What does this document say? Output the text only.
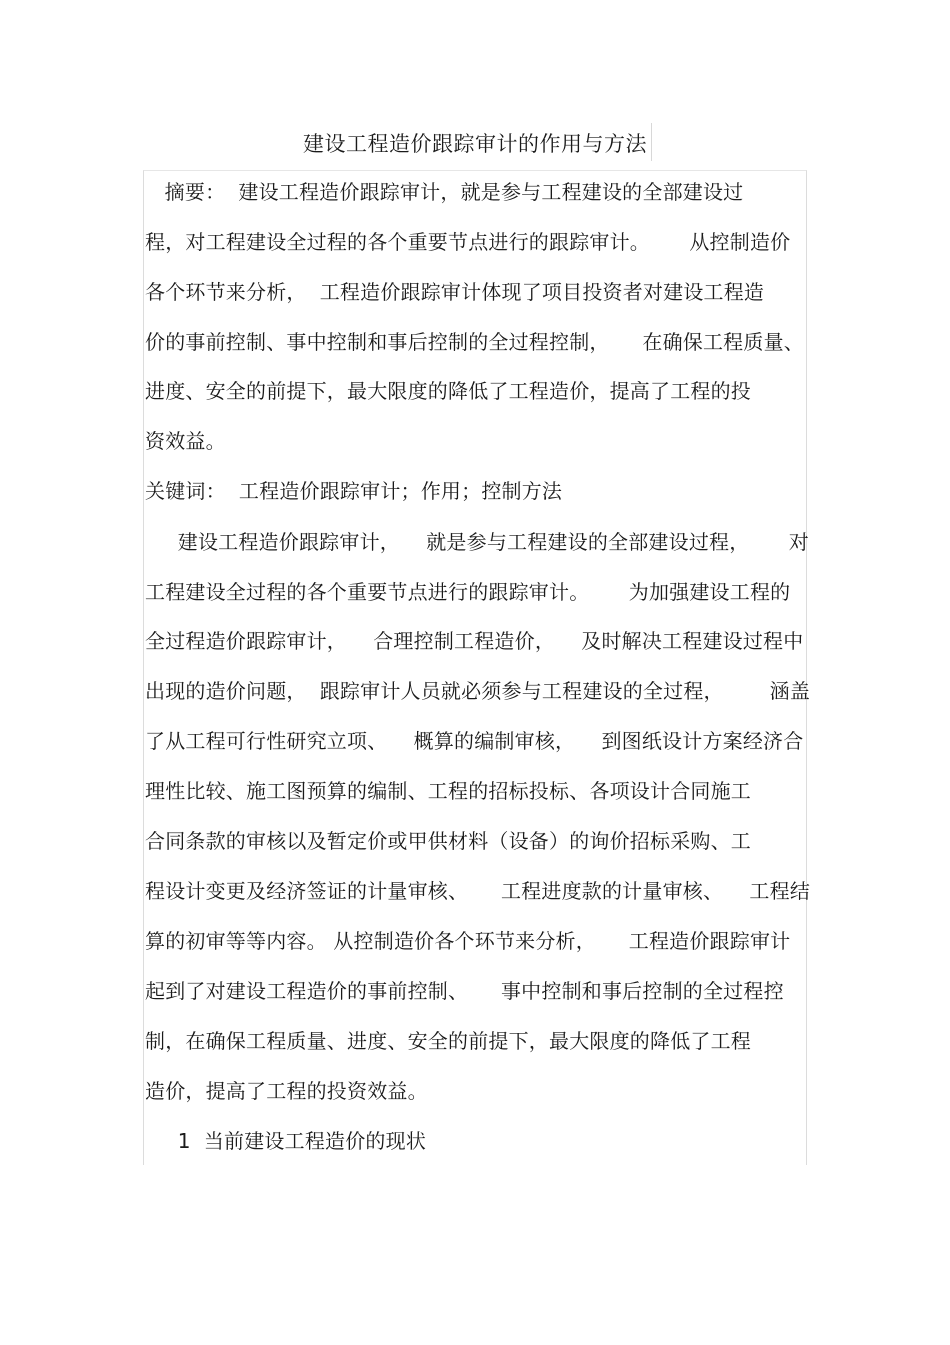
建设工程造价跟踪审计的作用与方法
摘要：  建设工程造价跟踪审计，就是参与工程建设的全部建设过
程，对工程建设全过程的各个重要节点进行的跟踪审计。      从控制造价
各个环节来分析，  工程造价跟踪审计体现了项目投资者对建设工程造
价的事前控制、事中控制和事后控制的全过程控制，     在确保工程质量、
进度、安全的前提下，最大限度的降低了工程造价，提高了工程的投
资效益。
关键词：  工程造价跟踪审计；作用；控制方法
建设工程造价跟踪审计，    就是参与工程建设的全部建设过程，      对
工程建设全过程的各个重要节点进行的跟踪审计。      为加强建设工程的
全过程造价跟踪审计，    合理控制工程造价，    及时解决工程建设过程中
出现的造价问题，  跟踪审计人员就必须参与工程建设的全过程，       涵盖
了从工程可行性研究立项、    概算的编制审核，    到图纸设计方案经济合
理性比较、施工图预算的编制、工程的招标投标、各项设计合同施工
合同条款的审核以及暂定价或甲供材料（设备）的询价招标采购、工
程设计变更及经济签证的计量审核、     工程进度款的计量审核、    工程结
算的初审等等内容。 从控制造价各个环节来分析，     工程造价跟踪审计
起到了对建设工程造价的事前控制、     事中控制和事后控制的全过程控
制，在确保工程质量、进度、安全的前提下，最大限度的降低了工程
造价，提高了工程的投资效益。
1  当前建设工程造价的现状
